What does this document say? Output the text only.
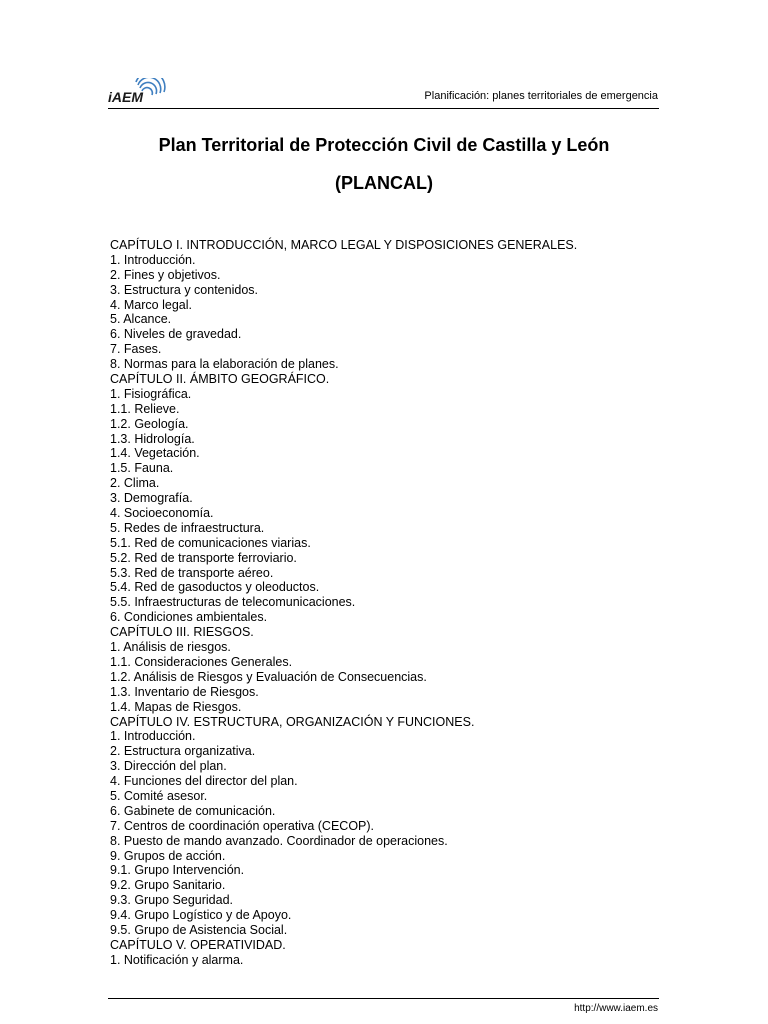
iAEM	Planificación: planes territoriales de emergencia
Plan Territorial de Protección Civil de Castilla y León
(PLANCAL)
CAPÍTULO I. INTRODUCCIÓN, MARCO LEGAL Y DISPOSICIONES GENERALES.
1. Introducción.
2. Fines y objetivos.
3. Estructura y contenidos.
4. Marco legal.
5. Alcance.
6. Niveles de gravedad.
7. Fases.
8. Normas para la elaboración de planes.
CAPÍTULO II. ÁMBITO GEOGRÁFICO.
1. Fisiográfica.
1.1. Relieve.
1.2. Geología.
1.3. Hidrología.
1.4. Vegetación.
1.5. Fauna.
2. Clima.
3. Demografía.
4. Socioeconomía.
5. Redes de infraestructura.
5.1. Red de comunicaciones viarias.
5.2. Red de transporte ferroviario.
5.3. Red de transporte aéreo.
5.4. Red de gasoductos y oleoductos.
5.5. Infraestructuras de telecomunicaciones.
6. Condiciones ambientales.
CAPÍTULO III. RIESGOS.
1. Análisis de riesgos.
1.1. Consideraciones Generales.
1.2. Análisis de Riesgos y Evaluación de Consecuencias.
1.3. Inventario de Riesgos.
1.4. Mapas de Riesgos.
CAPÍTULO IV. ESTRUCTURA, ORGANIZACIÓN Y FUNCIONES.
1. Introducción.
2. Estructura organizativa.
3. Dirección del plan.
4. Funciones del director del plan.
5. Comité asesor.
6. Gabinete de comunicación.
7. Centros de coordinación operativa (CECOP).
8. Puesto de mando avanzado. Coordinador de operaciones.
9. Grupos de acción.
9.1. Grupo Intervención.
9.2. Grupo Sanitario.
9.3. Grupo Seguridad.
9.4. Grupo Logístico y de Apoyo.
9.5. Grupo de Asistencia Social.
CAPÍTULO V. OPERATIVIDAD.
1. Notificación y alarma.
http://www.iaem.es
